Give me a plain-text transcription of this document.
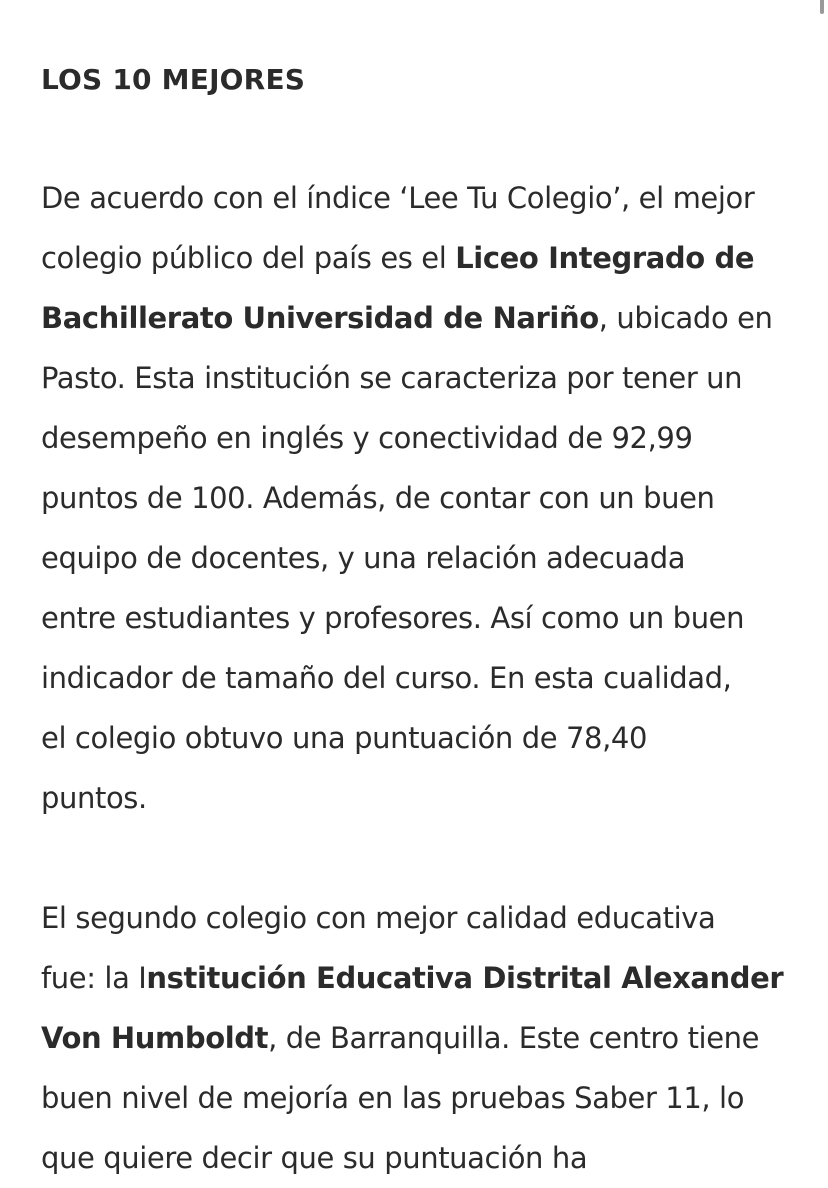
LOS 10 MEJORES

De acuerdo con el índice ‘Lee Tu Colegio’, el mejor
colegio público del país es el Liceo Integrado de
Bachillerato Universidad de Nariño, ubicado en
Pasto. Esta institución se caracteriza por tener un
desempeño en inglés y conectividad de 92,99
puntos de 100. Además, de contar con un buen
equipo de docentes, y una relación adecuada
entre estudiantes y profesores. Así como un buen
indicador de tamaño del curso. En esta cualidad,
el colegio obtuvo una puntuación de 78,40
puntos.

El segundo colegio con mejor calidad educativa
fue: la Institución Educativa Distrital Alexander
Von Humboldt, de Barranquilla. Este centro tiene
buen nivel de mejoría en las pruebas Saber 11, lo
que quiere decir que su puntuación ha
